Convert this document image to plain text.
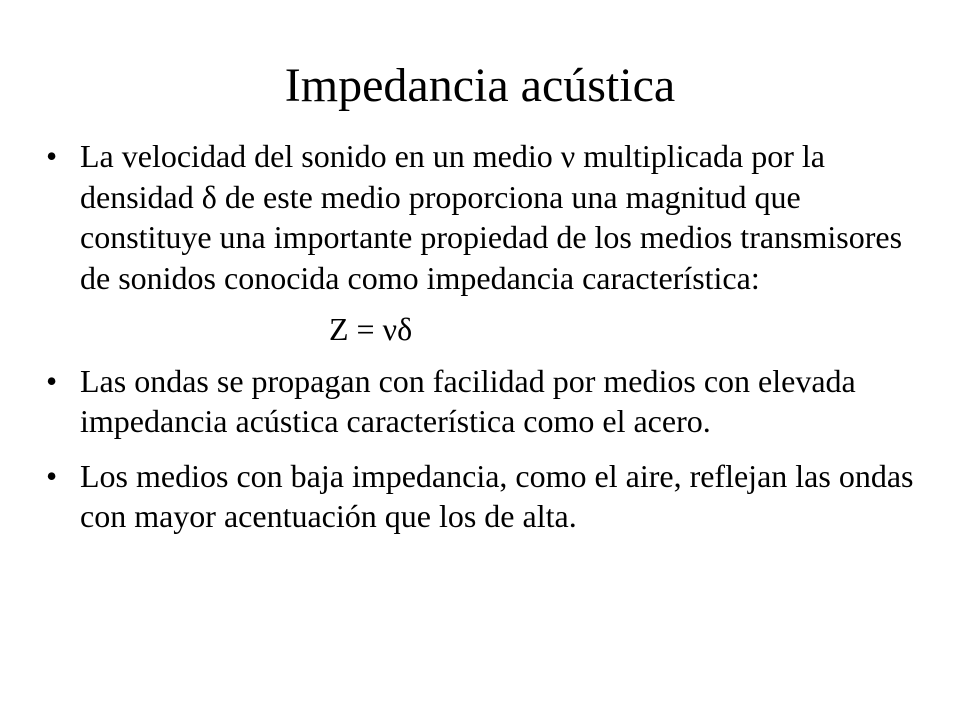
Impedancia acústica
• La velocidad del sonido en un medio ν multiplicada por la densidad δ de este medio proporciona una magnitud que constituye una importante propiedad de los medios transmisores de sonidos conocida como impedancia característica:
Z = νδ
• Las ondas se propagan con facilidad por medios con elevada impedancia acústica característica como el acero.
• Los medios con baja impedancia, como el aire, reflejan las ondas con mayor acentuación que los de alta.
